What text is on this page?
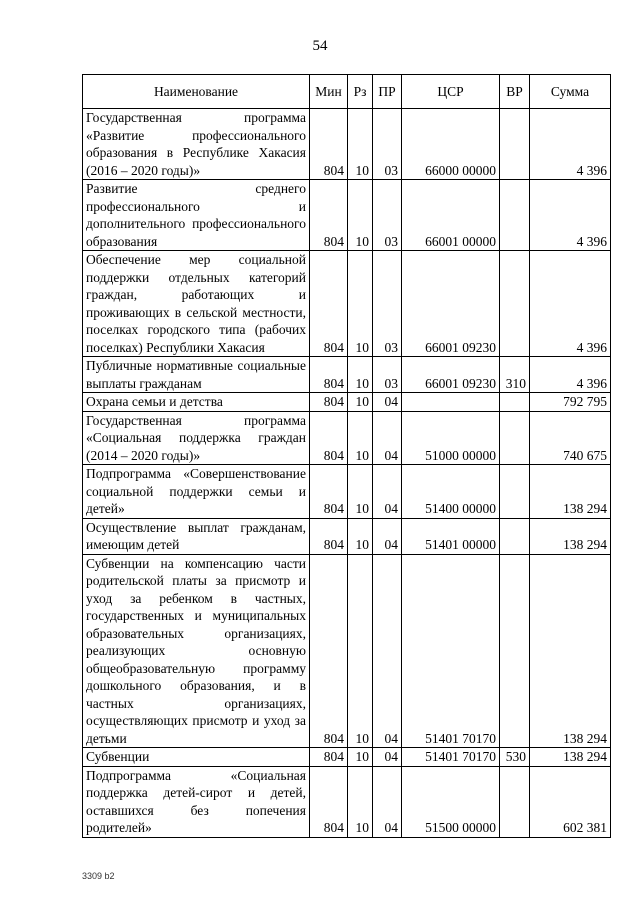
54
Наименование	Мин	Рз	ПР	ЦСР	ВР	Сумма
Государственная программа «Развитие профессионального образования в Республике Хакасия (2016 – 2020 годы)»	804	10	03	66000 00000		4 396
Развитие среднего профессионального и дополнительного профессионального образования	804	10	03	66001 00000		4 396
Обеспечение мер социальной поддержки отдельных категорий граждан, работающих и проживающих в сельской местности, поселках городского типа (рабочих поселках) Республики Хакасия	804	10	03	66001 09230		4 396
Публичные нормативные социальные выплаты гражданам	804	10	03	66001 09230	310	4 396
Охрана семьи и детства	804	10	04			792 795
Государственная программа «Социальная поддержка граждан (2014 – 2020 годы)»	804	10	04	51000 00000		740 675
Подпрограмма «Совершенствование социальной поддержки семьи и детей»	804	10	04	51400 00000		138 294
Осуществление выплат гражданам, имеющим детей	804	10	04	51401 00000		138 294
Субвенции на компенсацию части родительской платы за присмотр и уход за ребенком в частных, государственных и муниципальных образовательных организациях, реализующих основную общеобразовательную программу дошкольного образования, и в частных организациях, осуществляющих присмотр и уход за детьми	804	10	04	51401 70170		138 294
Субвенции	804	10	04	51401 70170	530	138 294
Подпрограмма «Социальная поддержка детей-сирот и детей, оставшихся без попечения родителей»	804	10	04	51500 00000		602 381
3309 b2
